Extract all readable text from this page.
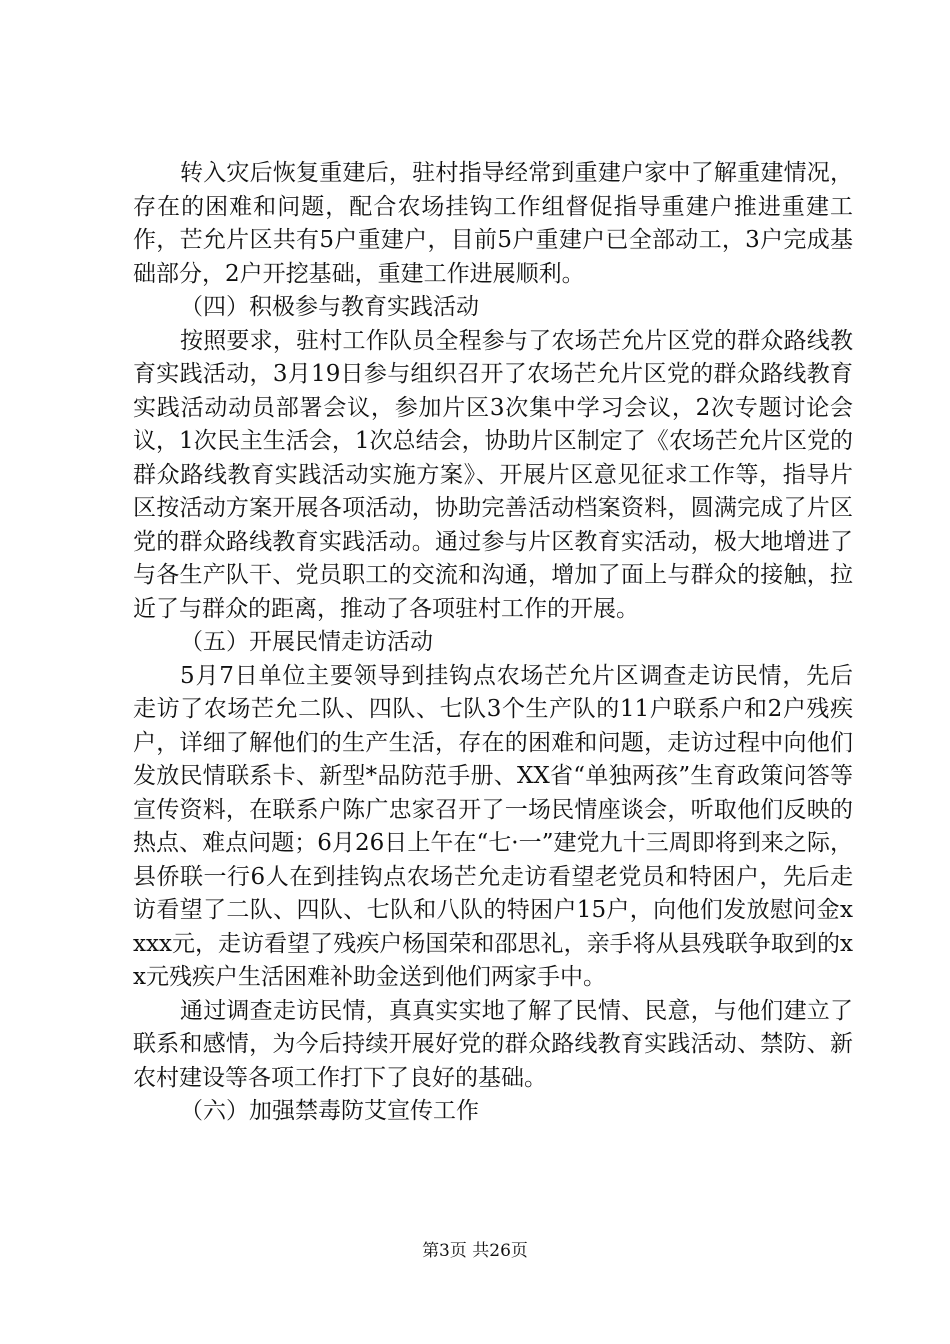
转入灾后恢复重建后，驻村指导经常到重建户家中了解重建情况，存在的困难和问题，配合农场挂钩工作组督促指导重建户推进重建工作，芒允片区共有5户重建户，目前5户重建户已全部动工，3户完成基础部分，2户开挖基础，重建工作进展顺利。

（四）积极参与教育实践活动

按照要求，驻村工作队员全程参与了农场芒允片区党的群众路线教育实践活动，3月19日参与组织召开了农场芒允片区党的群众路线教育实践活动动员部署会议，参加片区3次集中学习会议，2次专题讨论会议，1次民主生活会，1次总结会，协助片区制定了《农场芒允片区党的群众路线教育实践活动实施方案》、开展片区意见征求工作等，指导片区按活动方案开展各项活动，协助完善活动档案资料，圆满完成了片区党的群众路线教育实践活动。通过参与片区教育实活动，极大地增进了与各生产队干、党员职工的交流和沟通，增加了面上与群众的接触，拉近了与群众的距离，推动了各项驻村工作的开展。

（五）开展民情走访活动

5月7日单位主要领导到挂钩点农场芒允片区调查走访民情，先后走访了农场芒允二队、四队、七队3个生产队的11户联系户和2户残疾户，详细了解他们的生产生活，存在的困难和问题，走访过程中向他们发放民情联系卡、新型*品防范手册、XX省“单独两孩”生育政策问答等宣传资料，在联系户陈广忠家召开了一场民情座谈会，听取他们反映的热点、难点问题；6月26日上午在“七·一”建党九十三周即将到来之际，县侨联一行6人在到挂钩点农场芒允走访看望老党员和特困户，先后走访看望了二队、四队、七队和八队的特困户15户，向他们发放慰问金xxxx元，走访看望了残疾户杨国荣和邵思礼，亲手将从县残联争取到的xx元残疾户生活困难补助金送到他们两家手中。

通过调查走访民情，真真实实地了解了民情、民意，与他们建立了联系和感情，为今后持续开展好党的群众路线教育实践活动、禁防、新农村建设等各项工作打下了良好的基础。

（六）加强禁毒防艾宣传工作

第3页 共26页
